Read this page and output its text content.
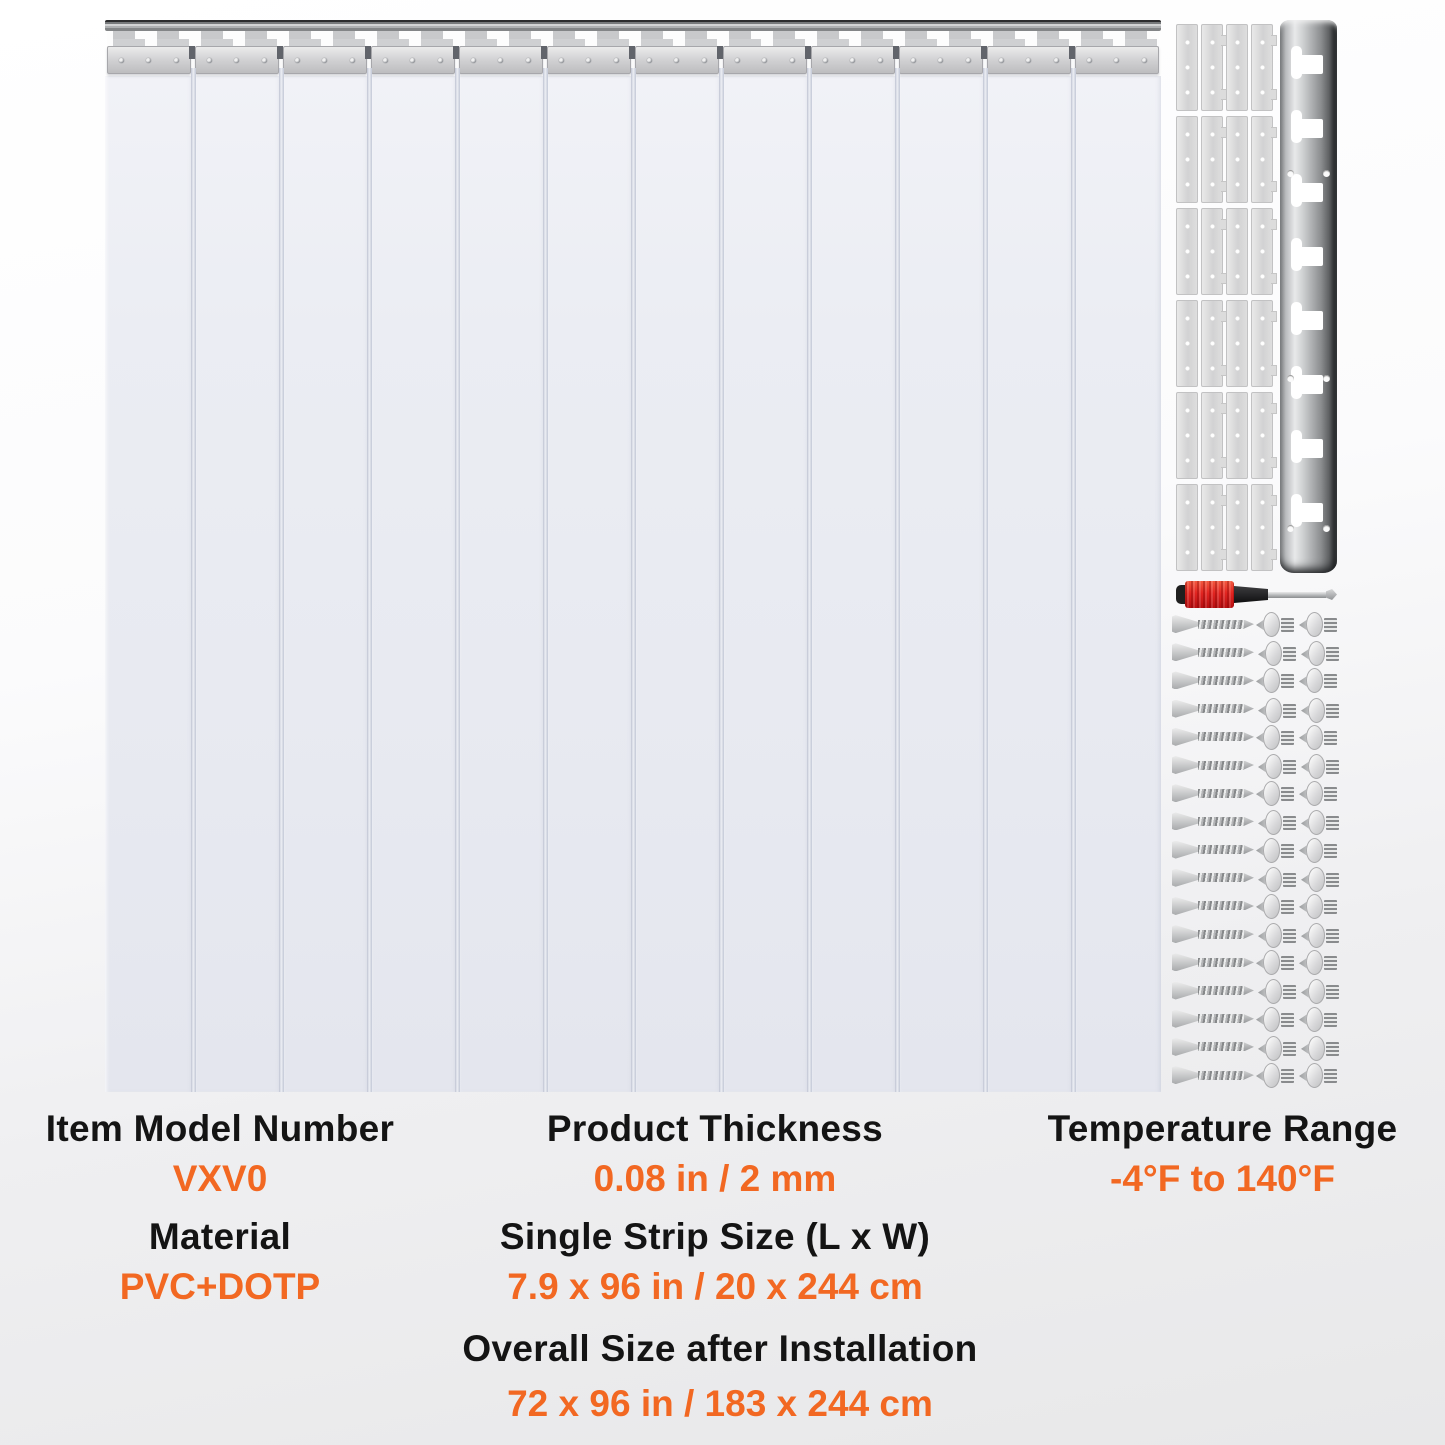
Item Model Number
VXV0
Product Thickness
0.08 in / 2 mm
Temperature Range
-4°F to 140°F
Material
PVC+DOTP
Single Strip Size (L x W)
7.9 x 96 in / 20 x 244 cm
Overall Size after Installation
72 x 96 in / 183 x 244 cm
